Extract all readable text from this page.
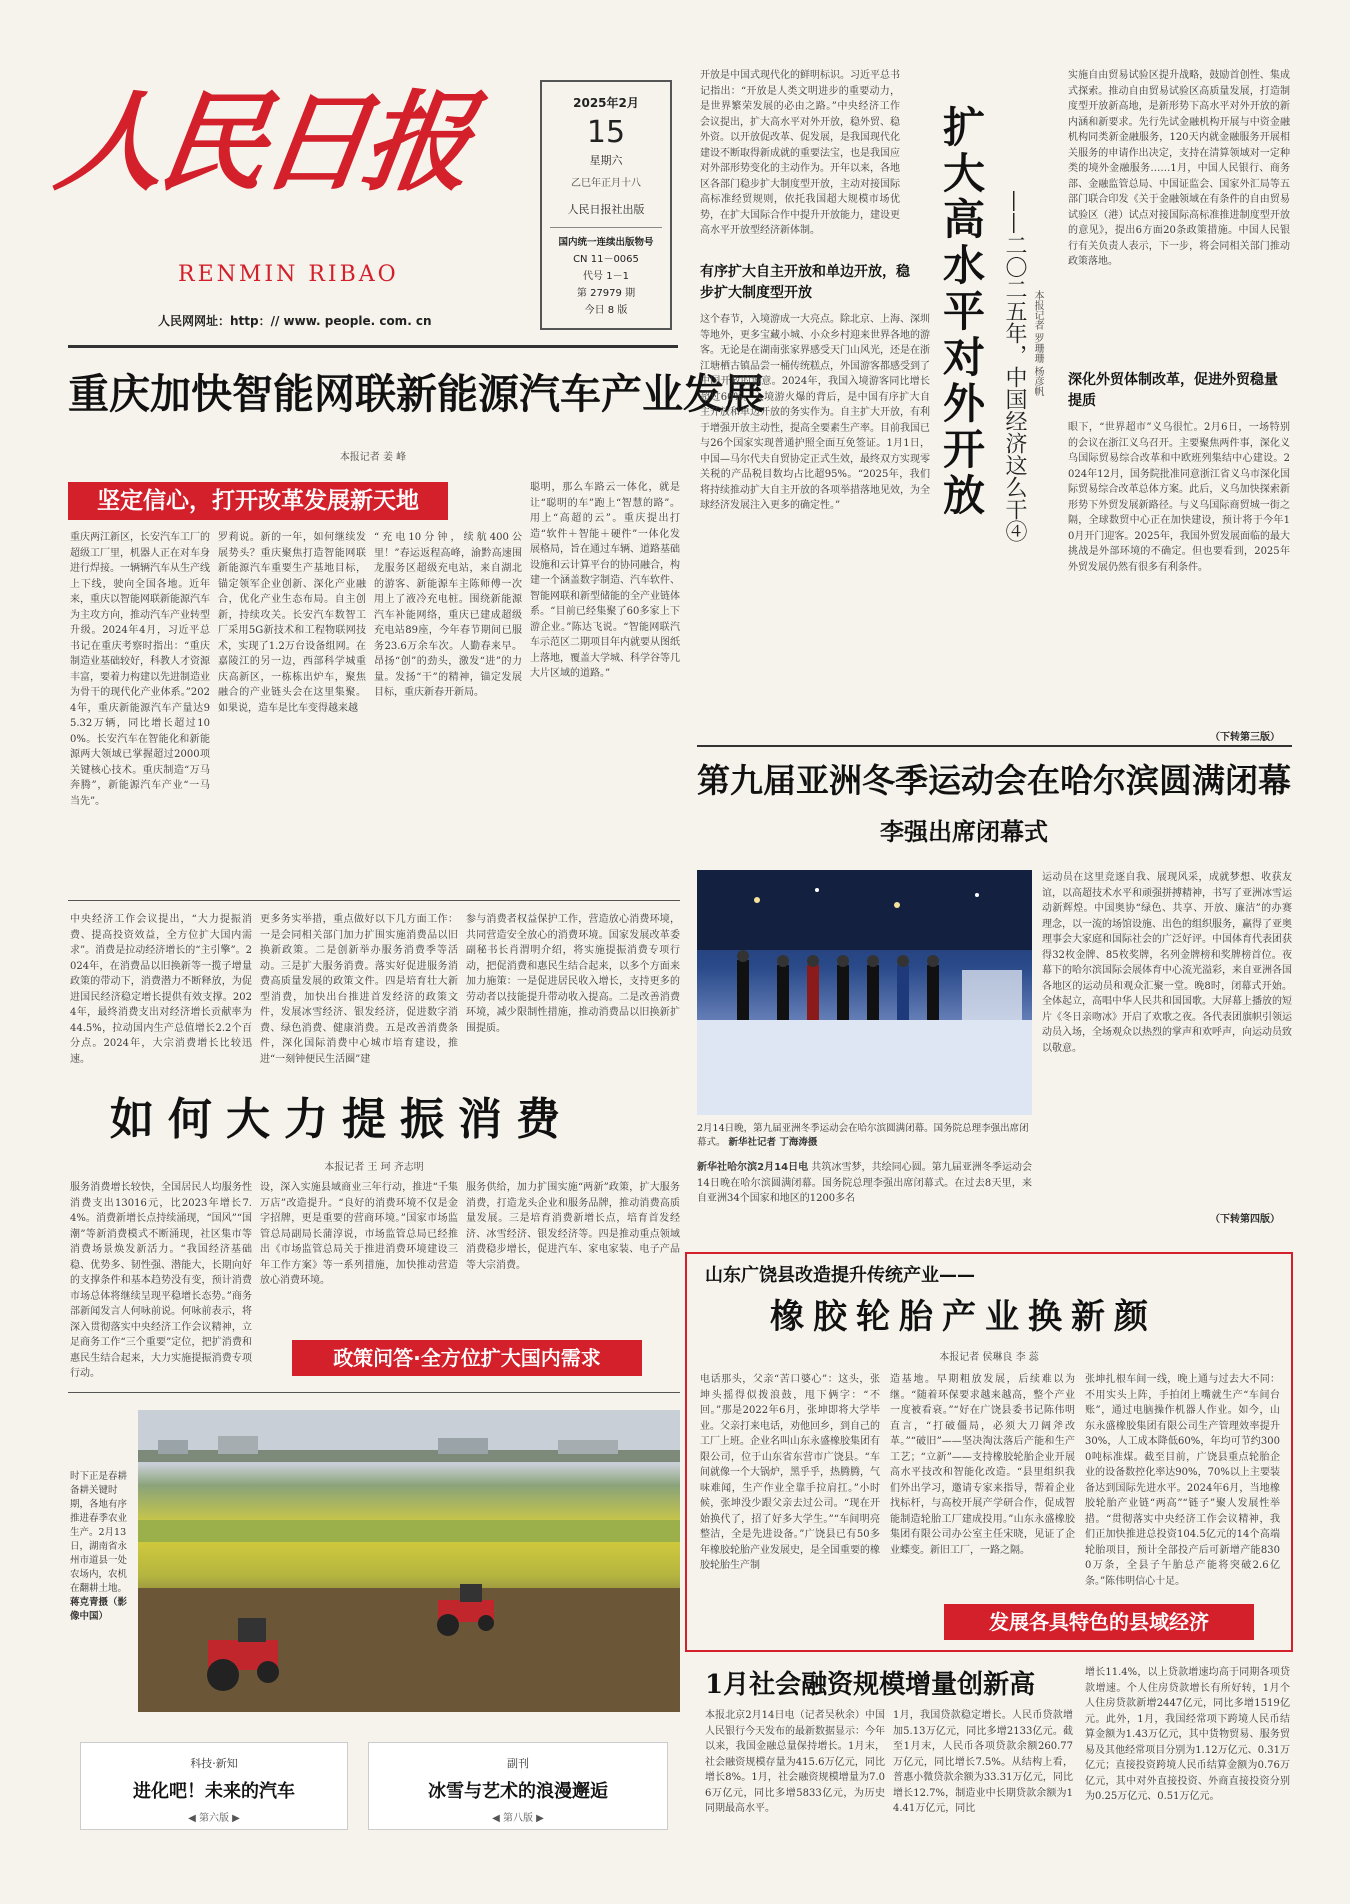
人民日报
RENMIN RIBAO
人民网网址：http：// www. people. com. cn
2025年2月
15
星期六
乙巳年正月十八
人民日报社出版
国内统一连续出版物号
CN 11－0065
代号 1－1
第 27979 期
今日 8 版
重庆加快智能网联新能源汽车产业发展
本报记者 姜 峰
坚定信心，打开改革发展新天地
重庆两江新区，长安汽车工厂的超级工厂里，机器人正在对车身进行焊接。一辆辆汽车从生产线上下线，驶向全国各地。近年来，重庆以智能网联新能源汽车为主攻方向，推动汽车产业转型升级。2024年4月，习近平总书记在重庆考察时指出：“重庆制造业基础较好，科教人才资源丰富，要着力构建以先进制造业为骨干的现代化产业体系。”2024年，重庆新能源汽车产量达95.32万辆，同比增长超过100%。长安汽车在智能化和新能源两大领域已掌握超过2000项关键核心技术。重庆制造“万马奔腾”，新能源汽车产业“一马当先”。
聪明，那么车路云一体化，就是让“聪明的车”跑上“智慧的路”。用上“高超的云”。重庆提出打造“软件＋智能＋硬件”一体化发展格局，旨在通过车辆、道路基础设施和云计算平台的协同融合，构建一个涵盖数字制造、汽车软件、智能网联和新型储能的全产业链体系。“目前已经集聚了60多家上下游企业。”陈达飞说。“智能网联汽车示范区二期项目年内就要从图纸上落地，覆盖大学城、科学谷等几大片区域的道路。”
罗莉说。新的一年，如何继续发展势头？重庆聚焦打造智能网联新能源汽车重要生产基地目标，锚定领军企业创新、深化产业融合，优化产业生态布局。自主创新，持续攻关。长安汽车数智工厂采用5G新技术和工程物联网技术，实现了1.2万台设备组网。在嘉陵江的另一边，西部科学城重庆高新区，一栋栋出炉车，聚焦融合的产业链头会在这里集聚。如果说，造车是比车变得越来越
“充电10分钟，续航400公里！”春运返程高峰，渝黔高速围龙服务区超级充电站，来自湖北的游客、新能源车主陈师傅一次用上了液冷充电桩。围绕新能源汽车补能网络，重庆已建成超级充电站89座，今年春节期间已服务23.6万余车次。人勤春来早。昂扬“创”的劲头，激发“进”的力量。发扬“干”的精神，锚定发展目标，重庆新春开新局。
开放是中国式现代化的鲜明标识。习近平总书记指出：“开放是人类文明进步的重要动力，是世界繁荣发展的必由之路。”中央经济工作会议提出，扩大高水平对外开放，稳外贸、稳外资。以开放促改革、促发展，是我国现代化建设不断取得新成就的重要法宝，也是我国应对外部形势变化的主动作为。开年以来，各地区各部门稳步扩大制度型开放，主动对接国际高标准经贸规则，依托我国超大规模市场优势，在扩大国际合作中提升开放能力，建设更高水平开放型经济新体制。
有序扩大自主开放和单边开放，稳步扩大制度型开放
这个春节，入境游成一大亮点。除北京、上海、深圳等地外，更多宝藏小城、小众乡村迎来世界各地的游客。无论是在湖南张家界感受天门山风光，还是在浙江塘栖古镇品尝一桶传统糕点，外国游客都感受到了中国开放的诚意。2024年，我国入境游客同比增长超过60%。入境游火爆的背后，是中国有序扩大自主开放和单边开放的务实作为。自主扩大开放，有利于增强开放主动性，提高全要素生产率。目前我国已与26个国家实现普通护照全面互免签证。1月1日，中国—马尔代夫自贸协定正式生效，最终双方实现零关税的产品税目数均占比超95%。“2025年，我们将持续推动扩大自主开放的各项举措落地见效，为全球经济发展注入更多的确定性。”	扩大高水平对外开放 ——二〇二五年，中国经济这么干④ 本报记者 罗珊珊 杨彦帆
实施自由贸易试验区提升战略，鼓励首创性、集成式探索。推动自由贸易试验区高质量发展，打造制度型开放新高地，是新形势下高水平对外开放的新内涵和新要求。先行先试金融机构开展与中资金融机构同类新金融服务，120天内就金融服务开展相关服务的申请作出决定，支持在清算领域对一定种类的境外金融服务……1月，中国人民银行、商务部、金融监管总局、中国证监会、国家外汇局等五部门联合印发《关于金融领域在有条件的自由贸易试验区（港）试点对接国际高标准推进制度型开放的意见》，提出6方面20条政策措施。中国人民银行有关负责人表示，下一步，将会同相关部门推动政策落地。
深化外贸体制改革，促进外贸稳量提质
眼下，“世界超市”义乌很忙。2月6日，一场特别的会议在浙江义乌召开。主要聚焦两件事，深化义乌国际贸易综合改革和中欧班列集结中心建设。2024年12月，国务院批准同意浙江省义乌市深化国际贸易综合改革总体方案。此后，义乌加快探索新形势下外贸发展新路径。与义乌国际商贸城一街之隔，全球数贸中心正在加快建设，预计将于今年10月开门迎客。2025年，我国外贸发展面临的最大挑战是外部环境的不确定。但也要看到，2025年外贸发展仍然有很多有利条件。
（下转第三版）
第九届亚洲冬季运动会在哈尔滨圆满闭幕
李强出席闭幕式
2月14日晚，第九届亚洲冬季运动会在哈尔滨圆满闭幕。国务院总理李强出席闭幕式。 新华社记者 丁海涛摄
新华社哈尔滨2月14日电 共筑冰雪梦，共绘同心圆。第九届亚洲冬季运动会14日晚在哈尔滨圆满闭幕。国务院总理李强出席闭幕式。在过去8天里，来自亚洲34个国家和地区的1200多名
运动员在这里竞逐自我、展现风采，成就梦想、收获友谊，以高超技术水平和顽强拼搏精神，书写了亚洲冰雪运动新辉煌。中国奥协“绿色、共享、开放、廉洁”的办赛理念，以一流的场馆设施、出色的组织服务，赢得了亚奥理事会大家庭和国际社会的广泛好评。中国体育代表团获得32枚金牌、85枚奖牌，名列金牌榜和奖牌榜首位。夜幕下的哈尔滨国际会展体育中心流光溢彩，来自亚洲各国各地区的运动员和观众汇聚一堂。晚8时，闭幕式开始。全体起立，高唱中华人民共和国国歌。大屏幕上播放的短片《冬日亲吻冰》开启了欢歌之夜。各代表团旗帜引领运动员入场，全场观众以热烈的掌声和欢呼声，向运动员致以敬意。
（下转第四版）
中央经济工作会议提出，“大力提振消费、提高投资效益，全方位扩大国内需求”。消费是拉动经济增长的“主引擎”。2024年，在消费品以旧换新等一揽子增量政策的带动下，消费潜力不断释放，为促进国民经济稳定增长提供有效支撑。2024年，最终消费支出对经济增长贡献率为44.5%，拉动国内生产总值增长2.2个百分点。2024年，大宗消费增长比较迅速。
更多务实举措，重点做好以下几方面工作：一是会同相关部门加力扩围实施消费品以旧换新政策。二是创新举办服务消费季等活动。三是扩大服务消费。落实好促进服务消费高质量发展的政策文件。四是培育壮大新型消费，加快出台推进首发经济的政策文件，发展冰雪经济、银发经济，促进数字消费、绿色消费、健康消费。五是改善消费条件，深化国际消费中心城市培育建设，推进“一刻钟便民生活圈”建
参与消费者权益保护工作，营造放心消费环境，共同营造安全放心的消费环境。国家发展改革委副秘书长肖渭明介绍，将实施提振消费专项行动，把促消费和惠民生结合起来，以多个方面来加力施策：一是促进居民收入增长，支持更多的劳动者以技能提升带动收入提高。二是改善消费环境，减少限制性措施，推动消费品以旧换新扩围提质。
如何大力提振消费
本报记者 王 珂 齐志明
服务消费增长较快，全国居民人均服务性消费支出13016元，比2023年增长7.4%。消费新增长点持续涌现，“国风”“国潮”等新消费模式不断涌现，社区集市等消费场景焕发新活力。“我国经济基础稳、优势多、韧性强、潜能大，长期向好的支撑条件和基本趋势没有变，预计消费市场总体将继续呈现平稳增长态势。”商务部新闻发言人何咏前说。何咏前表示，将深入贯彻落实中央经济工作会议精神，立足商务工作“三个重要”定位，把扩消费和惠民生结合起来，大力实施提振消费专项行动。
设，深入实施县域商业三年行动，推进“千集万店”改造提升。“良好的消费环境不仅是金字招牌，更是重要的营商环境。”国家市场监管总局副局长蒲淳说，市场监管总局已经推出《市场监管总局关于推进消费环境建设三年工作方案》等一系列措施，加快推动营造放心消费环境。
服务供给，加力扩围实施“两新”政策，扩大服务消费，打造龙头企业和服务品牌，推动消费高质量发展。三是培育消费新增长点，培育首发经济、冰雪经济、银发经济等。四是推动重点领域消费稳步增长，促进汽车、家电家装、电子产品等大宗消费。
政策问答·全方位扩大国内需求
时下正是春耕备耕关键时期，各地有序推进春季农业生产。2月13日，湖南省永州市道县一处农场内，农机在翻耕土地。
蒋克青摄（影像中国）
科技·新知
进化吧！未来的汽车
◀ 第六版 ▶
副刊
冰雪与艺术的浪漫邂逅
◀ 第八版 ▶
山东广饶县改造提升传统产业——
橡胶轮胎产业换新颜
本报记者 侯琳良 李 蕊
电话那头，父亲“苦口婆心”：这头，张坤头摇得似拨浪鼓，甩下俩字：“不回。”那是2022年6月，张坤即将大学毕业。父亲打来电话，劝他回乡，到自己的工厂上班。企业名叫山东永盛橡胶集团有限公司，位于山东省东营市广饶县。“车间就像一个大锅炉，黑乎乎，热腾腾，气味难闻，生产作业全靠手拉肩扛。”小时候，张坤没少跟父亲去过公司。“现在开始换代了，招了好多大学生。”“车间明亮整洁，全是先进设备。”广饶县已有50多年橡胶轮胎产业发展史，是全国重要的橡胶轮胎生产制
造基地。早期粗放发展，后续难以为继。“随着环保要求越来越高，整个产业一度被看衰。”“好在广饶县委书记陈伟明直言，“打破僵局，必须大刀阔斧改革。”“破旧”——坚决淘汰落后产能和生产工艺；“立新”——支持橡胶轮胎企业开展高水平技改和智能化改造。“县里组织我们外出学习，邀请专家来指导，帮着企业找标杆，与高校开展产学研合作，促成智能制造轮胎工厂建成投用。”山东永盛橡胶集团有限公司办公室主任宋晓，见证了企业蝶变。新旧工厂，一路之隔。
张坤扎根车间一线，晚上通与过去大不同：不用实头上阵，手拍闭上嘴就生产“车间台账”，通过电脑操作机器人作业。如今，山东永盛橡胶集团有限公司生产管理效率提升30%，人工成本降低60%，年均可节约3000吨标准煤。截至目前，广饶县重点轮胎企业的设备数控化率达90%，70%以上主要装备达到国际先进水平。2024年6月，当地橡胶轮胎产业链“两高”“链子”聚人发展性举措。“贯彻落实中央经济工作会议精神，我们正加快推进总投资104.5亿元的14个高端轮胎项目，预计全部投产后可新增产能8300万条，全县子午胎总产能将突破2.6亿条。”陈伟明信心十足。
发展各具特色的县域经济
1月社会融资规模增量创新高
本报北京2月14日电（记者吴秋余）中国人民银行今天发布的最新数据显示：今年以来，我国金融总量保持增长。1月末，社会融资规模存量为415.6万亿元，同比增长8%。1月，社会融资规模增量为7.06万亿元，同比多增5833亿元，为历史同期最高水平。
1月，我国贷款稳定增长。人民币贷款增加5.13万亿元，同比多增2133亿元。截至1月末，人民币各项贷款余额260.77万亿元，同比增长7.5%。从结构上看，普惠小微贷款余额为33.31万亿元，同比增长12.7%，制造业中长期贷款余额为14.41万亿元，同比
增长11.4%，以上贷款增速均高于同期各项贷款增速。个人住房贷款增长有所好转，1月个人住房贷款新增2447亿元，同比多增1519亿元。此外，1月，我国经常项下跨境人民币结算金额为1.43万亿元，其中货物贸易、服务贸易及其他经常项目分别为1.12万亿元、0.31万亿元；直接投资跨境人民币结算金额为0.76万亿元，其中对外直接投资、外商直接投资分别为0.25万亿元、0.51万亿元。
